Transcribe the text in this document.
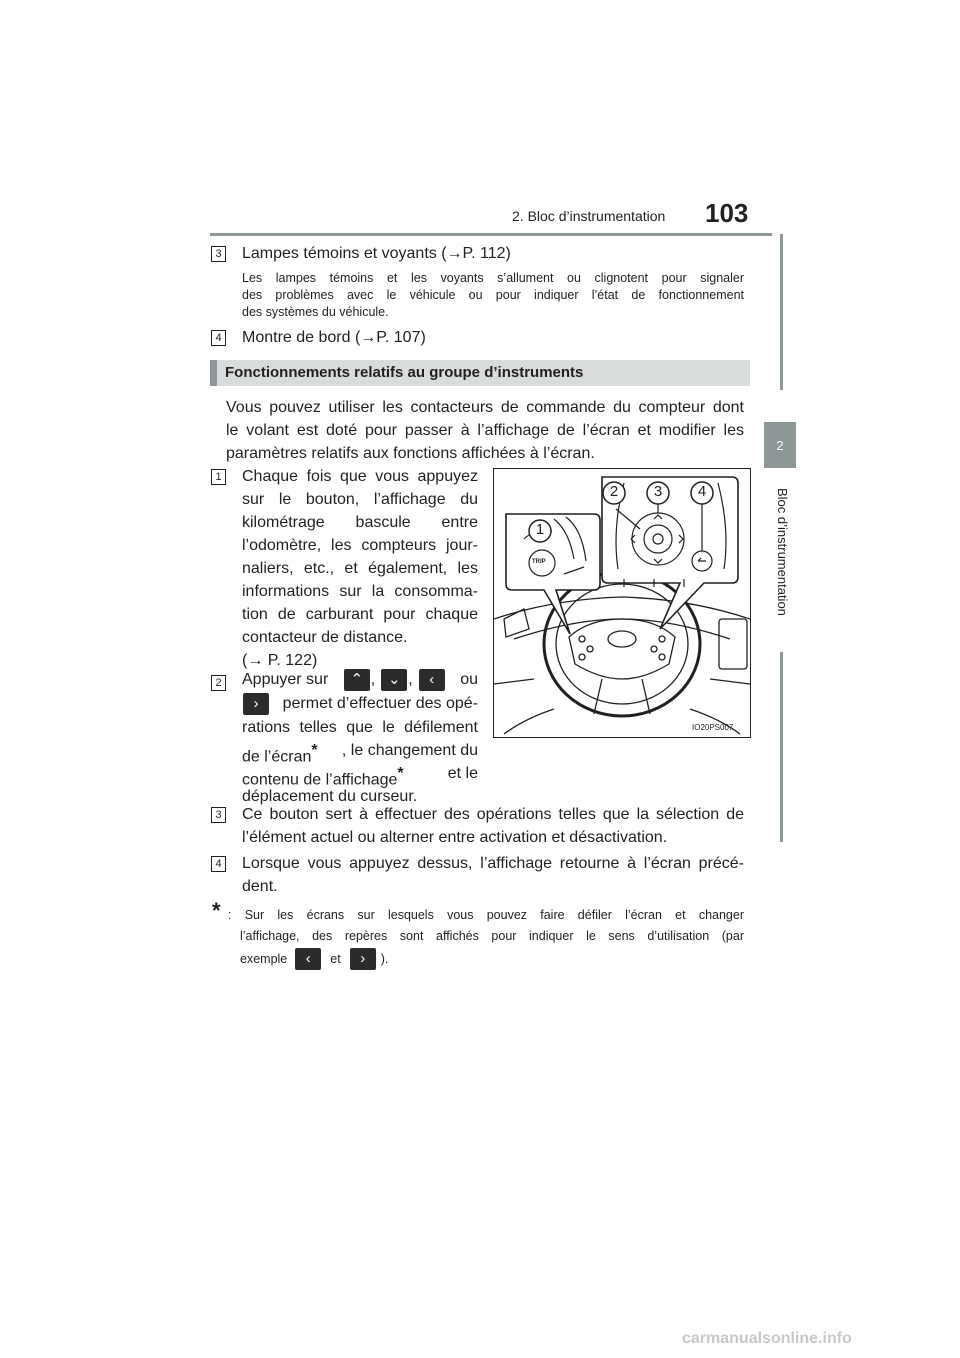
2. Bloc d’instrumentation 103
2
Bloc d’instrumentation
3 Lampes témoins et voyants (→P. 112)
Les lampes témoins et les voyants s’allument ou clignotent pour signaler
des problèmes avec le véhicule ou pour indiquer l’état de fonctionnement
des systèmes du véhicule.
4 Montre de bord (→P. 107)
Fonctionnements relatifs au groupe d’instruments
Vous pouvez utiliser les contacteurs de commande du compteur dont
le volant est doté pour passer à l’affichage de l’écran et modifier les
paramètres relatifs aux fonctions affichées à l’écran.
1 Chaque fois que vous appuyez
sur le bouton, l’affichage du
kilométrage bascule entre
l’odomètre, les compteurs jour-
naliers, etc., et également, les
informations sur la consomma-
tion de carburant pour chaque
contacteur de distance.
(→ P. 122)
2 Appuyer sur	⌃ , ⌄ ,	‹	ou
›	permet d’effectuer des opé-
rations telles que le défilement
de l’écran* , le changement du
contenu de l’affichage*	et le
déplacement du curseur.
1
2 3 4
TRIP
IO20PS007
3 Ce bouton sert à effectuer des opérations telles que la sélection de
l’élément actuel ou alterner entre activation et désactivation.
4 Lorsque vous appuyez dessus, l’affichage retourne à l’écran précé-
dent.
* : Sur les écrans sur lesquels vous pouvez faire défiler l’écran et changer
l’affichage, des repères sont affichés pour indiquer le sens d’utilisation (par
exemple	‹	et	›	).
carmanualsonline.info
